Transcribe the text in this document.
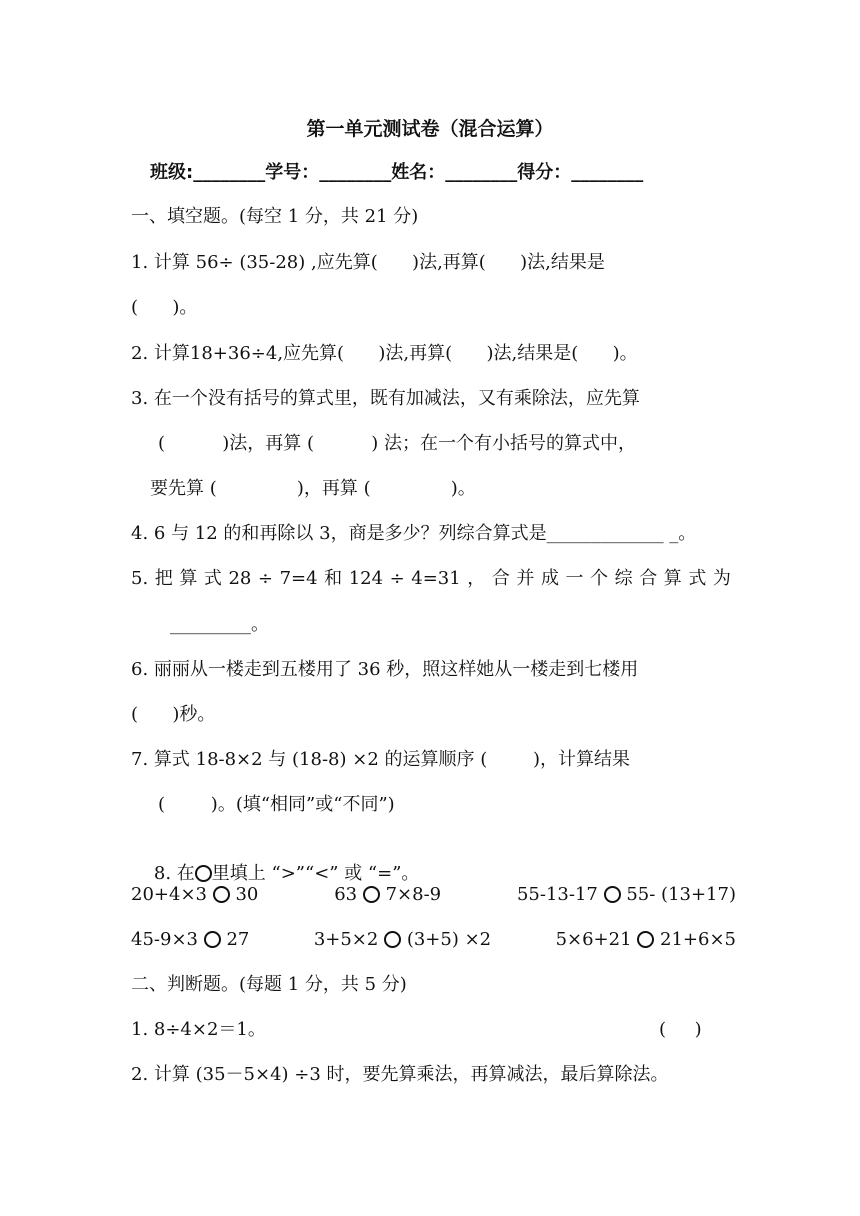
第一单元测试卷（混合运算）
班级:________学号：________姓名：________得分：________
一、填空题。(每空 1 分，共 21 分)
1. 计算 56÷ (35-28) ,应先算(      )法,再算(      )法,结果是
(      )。
2. 计算18+36÷4,应先算(      )法,再算(      )法,结果是(      )。
3. 在一个没有括号的算式里，既有加减法，又有乘除法，应先算
(          )法，再算 (          ) 法；在一个有小括号的算式中，
要先算 (              )，再算 (              )。
4. 6 与 12 的和再除以 3，商是多少？列综合算式是_____________ _。
5. 把 算 式 28 ÷ 7=4 和 124 ÷ 4=31 ， 合 并 成 一 个 综 合 算 式 为
_________。
6. 丽丽从一楼走到五楼用了 36 秒，照这样她从一楼走到七楼用
(      )秒。
7. 算式 18-8×2 与 (18-8) ×2 的运算顺序 (        )，计算结果
(        )。(填“相同”或“不同”)

8. 在 里填上 “>”“<” 或 “=”。

20+4×3 30	63 7×8-9	55-13-17 55- (13+17)
45-9×3 27	3+5×2 (3+5) ×2	5×6+21 21+6×5
二、判断题。(每题 1 分，共 5 分)
1. 8÷4×2＝1。	(     )
2. 计算 (35－5×4) ÷3 时，要先算乘法，再算减法，最后算除法。
